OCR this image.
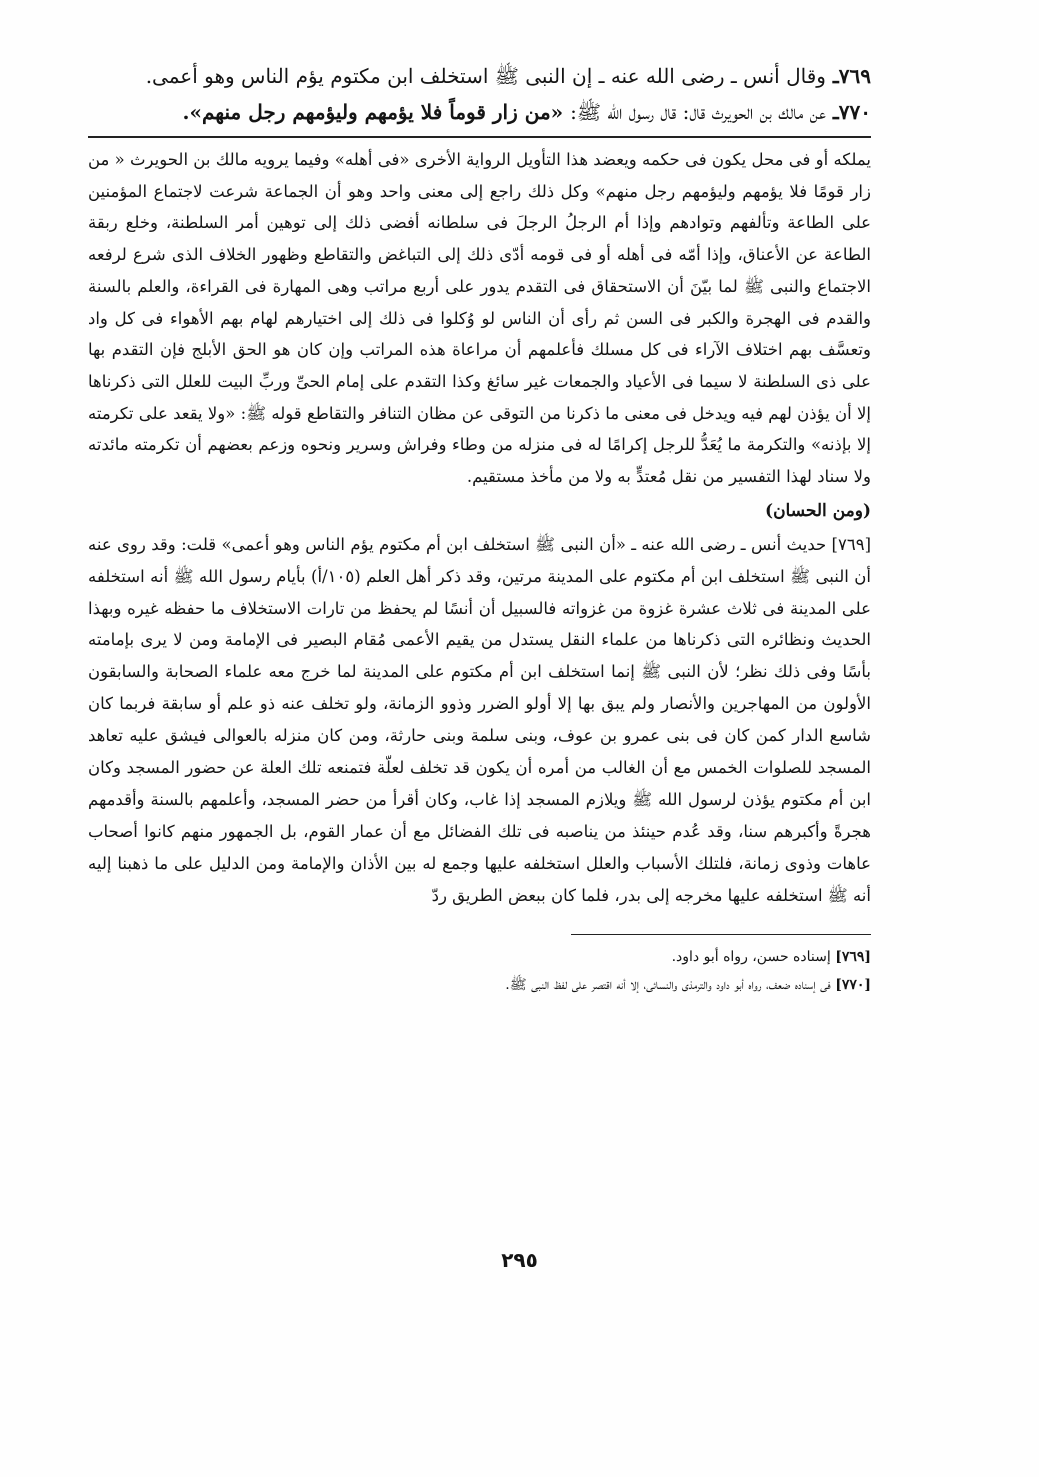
٧٦٩ـ وقال أنس ـ رضى الله عنه ـ إن النبى ﷺ استخلف ابن مكتوم يؤم الناس وهو أعمى.
٧٧٠ـ عن مالك بن الحويرث قال: قال رسول الله ﷺ: «من زار قوماً فلا يؤمهم وليؤمهم رجل منهم».
يملكه أو فى محل يكون فى حكمه ويعضد هذا التأويل الرواية الأخرى «فى أهله» وفيما يرويه مالك بن الحويرث « من زار قومًا فلا يؤمهم وليؤمهم رجل منهم» وكل ذلك راجع إلى معنى واحد وهو أن الجماعة شرعت لاجتماع المؤمنين على الطاعة وتألفهم وتوادهم وإذا أم الرجلُ الرجلَ فى سلطانه أفضى ذلك إلى توهين أمر السلطنة، وخلع ربقة الطاعة عن الأعناق، وإذا أمّه فى أهله أو فى قومه أدّى ذلك إلى التباغض والتقاطع وظهور الخلاف الذى شرع لرفعه الاجتماع والنبى ﷺ لما بيّنَ أن الاستحقاق فى التقدم يدور على أربع مراتب وهى المهارة فى القراءة، والعلم بالسنة والقدم فى الهجرة والكبر فى السن ثم رأى أن الناس لو وُكلوا فى ذلك إلى اختيارهم لهام بهم الأهواء فى كل واد وتعسَّف بهم اختلاف الآراء فى كل مسلك فأعلمهم أن مراعاة هذه المراتب وإن كان هو الحق الأبلج فإن التقدم بها على ذى السلطنة لا سيما فى الأعياد والجمعات غير سائغ وكذا التقدم على إمام الحىِّ وربِّ البيت للعلل التى ذكرناها إلا أن يؤذن لهم فيه ويدخل فى معنى ما ذكرنا من التوقى عن مظان التنافر والتقاطع قوله ﷺ: «ولا يقعد على تكرمته إلا بإذنه» والتكرمة ما يُعَدُّ للرجل إكرامًا له فى منزله من وطاء وفراش وسرير ونحوه وزعم بعضهم أن تكرمته مائدته ولا سناد لهذا التفسير من نقل مُعتدٍّ به ولا من مأخذ مستقيم.
(ومن الحسان)
[٧٦٩] حديث أنس ـ رضى الله عنه ـ «أن النبى ﷺ استخلف ابن أم مكتوم يؤم الناس وهو أعمى» قلت: وقد روى عنه أن النبى ﷺ استخلف ابن أم مكتوم على المدينة مرتين، وقد ذكر أهل العلم (١٠٥/أ) بأيام رسول الله ﷺ أنه استخلفه على المدينة فى ثلاث عشرة غزوة من غزواته فالسبيل أن أنسًا لم يحفظ من تارات الاستخلاف ما حفظه غيره وبهذا الحديث ونظائره التى ذكرناها من علماء النقل يستدل من يقيم الأعمى مُقام البصير فى الإمامة ومن لا يرى بإمامته بأسًا وفى ذلك نظر؛ لأن النبى ﷺ إنما استخلف ابن أم مكتوم على المدينة لما خرج معه علماء الصحابة والسابقون الأولون من المهاجرين والأنصار ولم يبق بها إلا أولو الضرر وذوو الزمانة، ولو تخلف عنه ذو علم أو سابقة فربما كان شاسع الدار كمن كان فى بنى عمرو بن عوف، وبنى سلمة وبنى حارثة، ومن كان منزله بالعوالى فيشق عليه تعاهد المسجد للصلوات الخمس مع أن الغالب من أمره أن يكون قد تخلف لعلّة فتمنعه تلك العلة عن حضور المسجد وكان ابن أم مكتوم يؤذن لرسول الله ﷺ ويلازم المسجد إذا غاب، وكان أقرأ من حضر المسجد، وأعلمهم بالسنة وأقدمهم هجرةً وأكبرهم سنا، وقد عُدم حينئذ من يناصبه فى تلك الفضائل مع أن عمار القوم، بل الجمهور منهم كانوا أصحاب عاهات وذوى زمانة، فلتلك الأسباب والعلل استخلفه عليها وجمع له بين الأذان والإمامة ومن الدليل على ما ذهبنا إليه أنه ﷺ استخلفه عليها مخرجه إلى بدر، فلما كان ببعض الطريق ردّ
[٧٦٩] إسناده حسن، رواه أبو داود.
[٧٧٠] فى إسناده ضعف، رواه أبو داود والترمذى والنسائى، إلا أنه اقتصر على لفظ النبى ﷺ.
٢٩٥
